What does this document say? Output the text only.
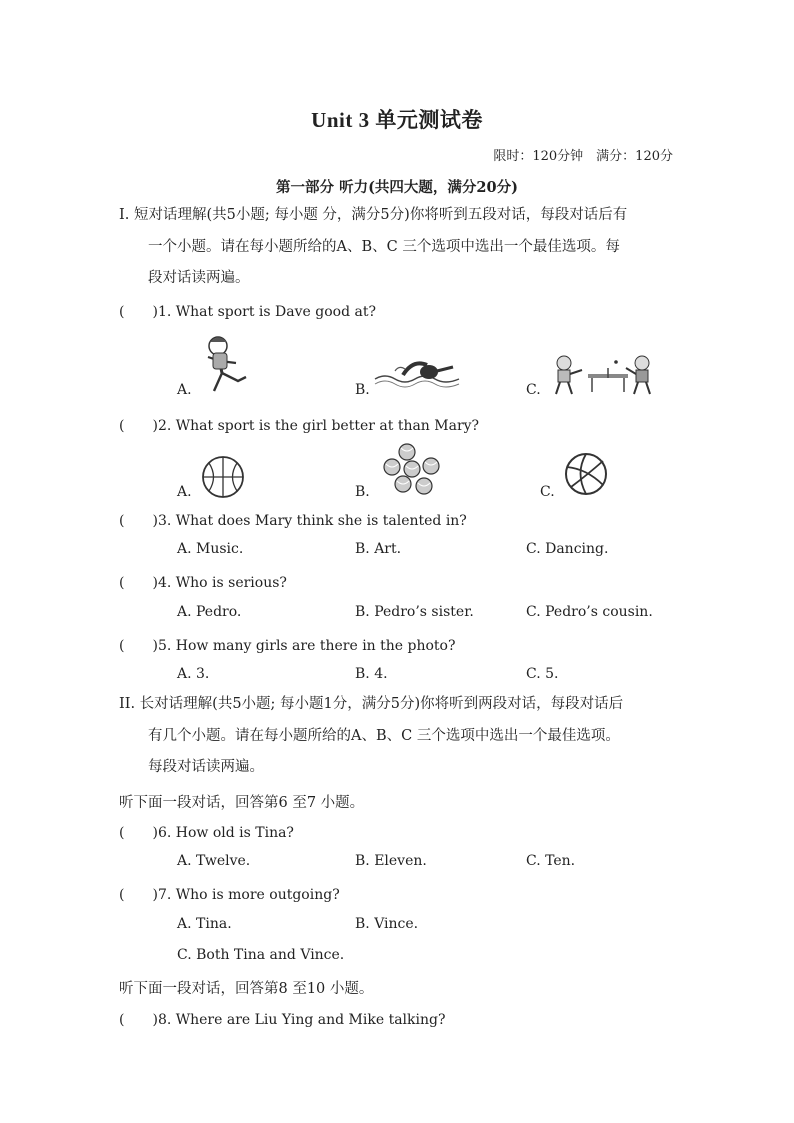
Unit 3 单元测试卷
限时：120分钟　满分：120分
第一部分 听力(共四大题，满分20分)
I. 短对话理解(共5小题; 每小题 分，满分5分)你将听到五段对话，每段对话后有
一个小题。请在每小题所给的A、B、C 三个选项中选出一个最佳选项。每
段对话读两遍。
(　　)1. What sport is Dave good at?
A.	B.	C.
(　　)2. What sport is the girl better at than Mary?
A.	B.	C.
(　　)3. What does Mary think she is talented in?
A. Music.	B. Art.	C. Dancing.
(　　)4. Who is serious?
A. Pedro.	B. Pedro’s sister.	C. Pedro’s cousin.
(　　)5. How many girls are there in the photo?
A. 3.	B. 4.	C. 5.
II. 长对话理解(共5小题; 每小题1分，满分5分)你将听到两段对话，每段对话后
有几个小题。请在每小题所给的A、B、C 三个选项中选出一个最佳选项。
每段对话读两遍。
听下面一段对话，回答第6 至7 小题。
(　　)6. How old is Tina?
A. Twelve.	B. Eleven.	C. Ten.
(　　)7. Who is more outgoing?
A. Tina.	B. Vince.
C. Both Tina and Vince.
听下面一段对话，回答第8 至10 小题。
(　　)8. Where are Liu Ying and Mike talking?
